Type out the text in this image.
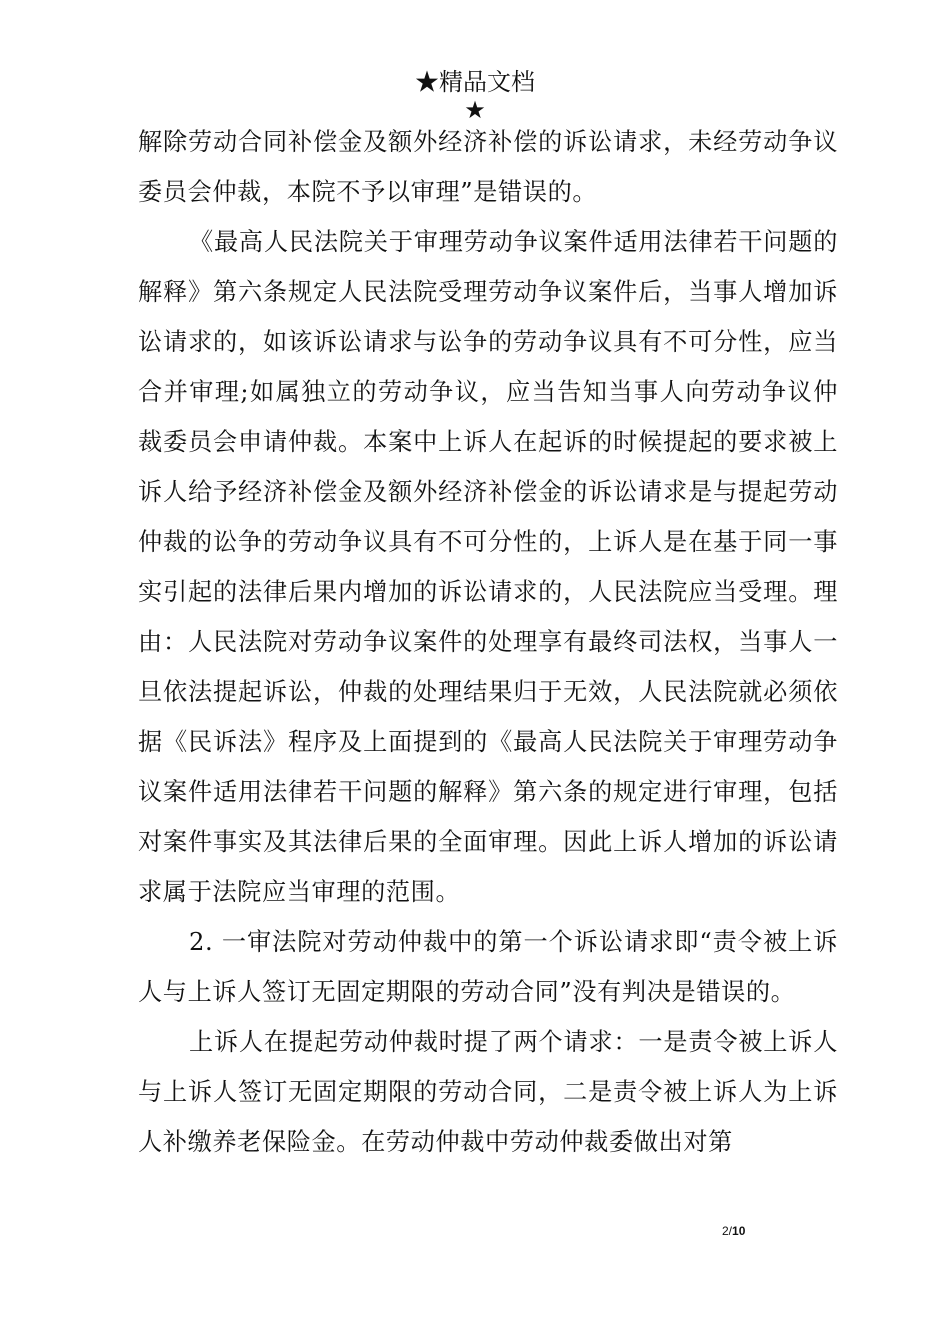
★精品文档
★

解除劳动合同补偿金及额外经济补偿的诉讼请求，未经劳动争议委员会仲裁，本院不予以审理”是错误的。

《最高人民法院关于审理劳动争议案件适用法律若干问题的解释》第六条规定人民法院受理劳动争议案件后，当事人增加诉讼请求的，如该诉讼请求与讼争的劳动争议具有不可分性，应当合并审理;如属独立的劳动争议，应当告知当事人向劳动争议仲裁委员会申请仲裁。本案中上诉人在起诉的时候提起的要求被上诉人给予经济补偿金及额外经济补偿金的诉讼请求是与提起劳动仲裁的讼争的劳动争议具有不可分性的，上诉人是在基于同一事实引起的法律后果内增加的诉讼请求的，人民法院应当受理。理由：人民法院对劳动争议案件的处理享有最终司法权，当事人一旦依法提起诉讼，仲裁的处理结果归于无效，人民法院就必须依据《民诉法》程序及上面提到的《最高人民法院关于审理劳动争议案件适用法律若干问题的解释》第六条的规定进行审理，包括对案件事实及其法律后果的全面审理。因此上诉人增加的诉讼请求属于法院应当审理的范围。

2. 一审法院对劳动仲裁中的第一个诉讼请求即“责令被上诉人与上诉人签订无固定期限的劳动合同”没有判决是错误的。

上诉人在提起劳动仲裁时提了两个请求：一是责令被上诉人与上诉人签订无固定期限的劳动合同，二是责令被上诉人为上诉人补缴养老保险金。在劳动仲裁中劳动仲裁委做出对第

2/10
